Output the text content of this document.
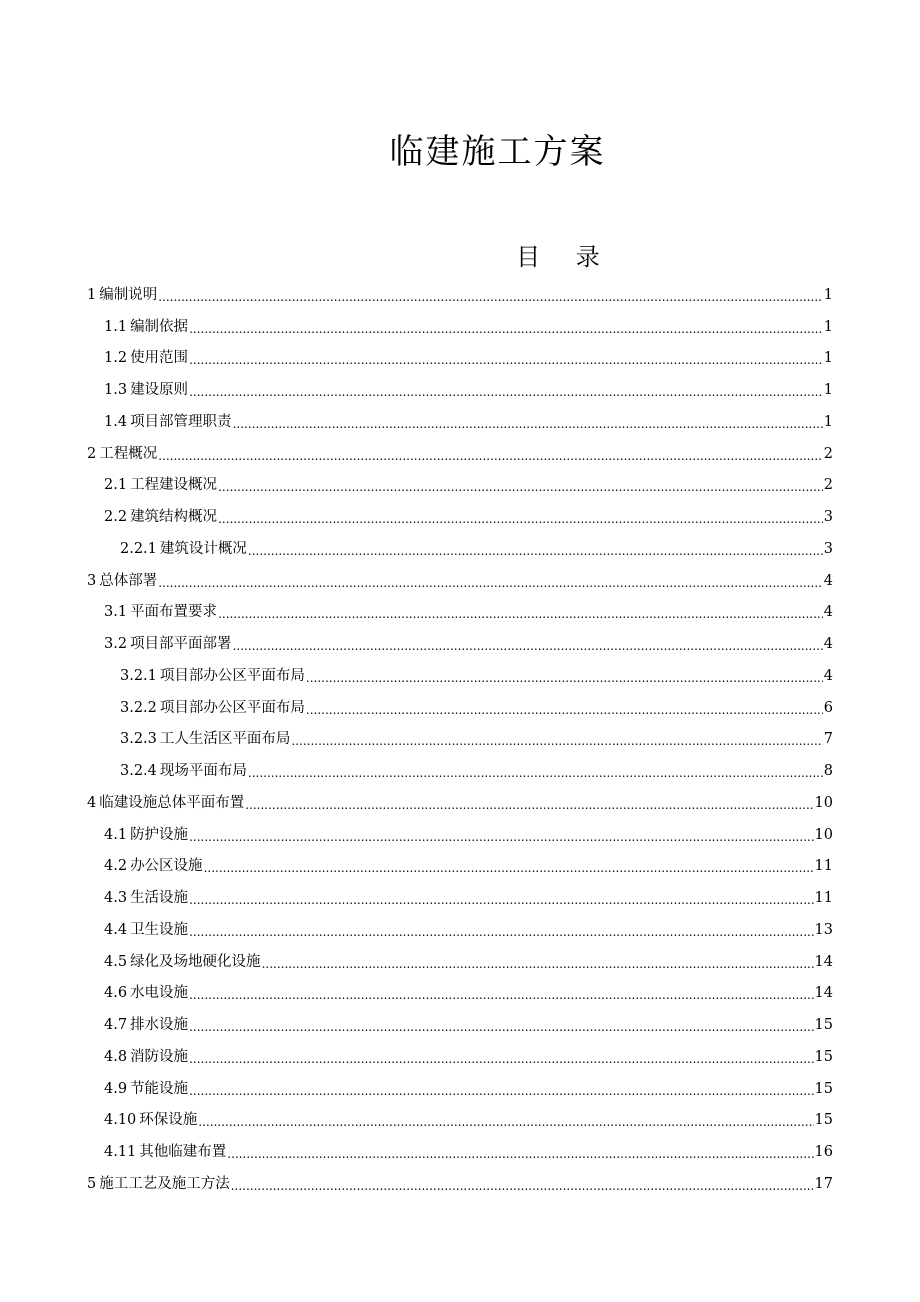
临建施工方案
目 录
1 编制说明 .....	1
1.1 编制依据 .....	1
1.2 使用范围 .....	1
1.3 建设原则 .....	1
1.4 项目部管理职责 .....	1
2 工程概况 .....	2
2.1 工程建设概况 .....	2
2.2 建筑结构概况 .....	3
2.2.1 建筑设计概况 .....	3
3 总体部署 .....	4
3.1 平面布置要求 .....	4
3.2 项目部平面部署 .....	4
3.2.1 项目部办公区平面布局 .....	4
3.2.2 项目部办公区平面布局 .....	6
3.2.3 工人生活区平面布局 .....	7
3.2.4 现场平面布局 .....	8
4 临建设施总体平面布置 .....	10
4.1 防护设施 .....	10
4.2 办公区设施 .....	11
4.3 生活设施 .....	11
4.4 卫生设施 .....	13
4.5 绿化及场地硬化设施 .....	14
4.6 水电设施 .....	14
4.7 排水设施 .....	15
4.8 消防设施 .....	15
4.9 节能设施 .....	15
4.10 环保设施 .....	15
4.11 其他临建布置 .....	16
5 施工工艺及施工方法 .....	17
